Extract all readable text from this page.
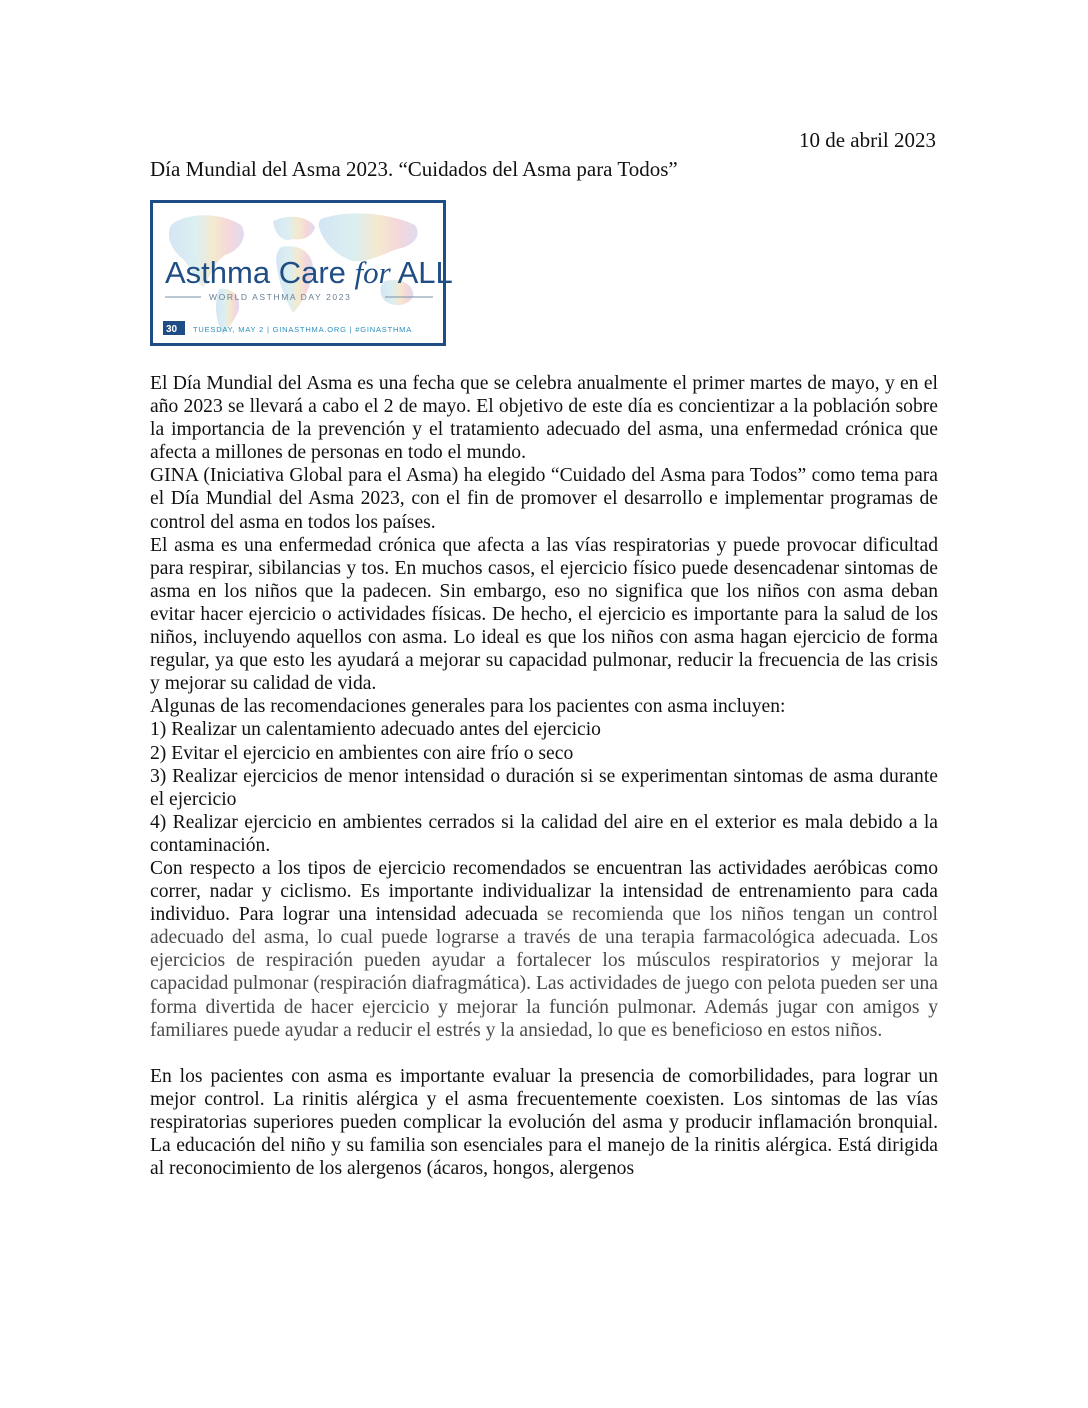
10 de abril 2023
Día Mundial del Asma 2023. “Cuidados del Asma para Todos”
Asthma Care for ALL
WORLD ASTHMA DAY 2023
30 TUESDAY, MAY 2 | GINASTHMA.ORG | #GINASTHMA

El Día Mundial del Asma es una fecha que se celebra anualmente el primer martes de mayo, y en el año 2023 se llevará a cabo el 2 de mayo. El objetivo de este día es concientizar a la población sobre la importancia de la prevención y el tratamiento adecuado del asma, una enfermedad crónica que afecta a millones de personas en todo el mundo.

GINA (Iniciativa Global para el Asma) ha elegido “Cuidado del Asma para Todos” como tema para el Día Mundial del Asma 2023, con el fin de promover el desarrollo e implementar programas de control del asma en todos los países.

El asma es una enfermedad crónica que afecta a las vías respiratorias y puede provocar dificultad para respirar, sibilancias y tos. En muchos casos, el ejercicio físico puede desencadenar sintomas de asma en los niños que la padecen. Sin embargo, eso no significa que los niños con asma deban evitar hacer ejercicio o actividades físicas. De hecho, el ejercicio es importante para la salud de los niños, incluyendo aquellos con asma. Lo ideal es que los niños con asma hagan ejercicio de forma regular, ya que esto les ayudará a mejorar su capacidad pulmonar, reducir la frecuencia de las crisis y mejorar su calidad de vida.

Algunas de las recomendaciones generales para los pacientes con asma incluyen:

1) Realizar un calentamiento adecuado antes del ejercicio

2) Evitar el ejercicio en ambientes con aire frío o seco

3) Realizar ejercicios de menor intensidad o duración si se experimentan sintomas de asma durante el ejercicio

4) Realizar ejercicio en ambientes cerrados si la calidad del aire en el exterior es mala debido a la contaminación.

Con respecto a los tipos de ejercicio recomendados se encuentran las actividades aeróbicas como correr, nadar y ciclismo. Es importante individualizar la intensidad de entrenamiento para cada individuo. Para lograr una intensidad adecuada se recomienda que los niños tengan un control adecuado del asma, lo cual puede lograrse a través de una terapia farmacológica adecuada. Los ejercicios de respiración pueden ayudar a fortalecer los músculos respiratorios y mejorar la capacidad pulmonar (respiración diafragmática). Las actividades de juego con pelota pueden ser una forma divertida de hacer ejercicio y mejorar la función pulmonar. Además jugar con amigos y familiares puede ayudar a reducir el estrés y la ansiedad, lo que es beneficioso en estos niños.

En los pacientes con asma es importante evaluar la presencia de comorbilidades, para lograr un mejor control. La rinitis alérgica y el asma frecuentemente coexisten. Los sintomas de las vías respiratorias superiores pueden complicar la evolución del asma y producir inflamación bronquial. La educación del niño y su familia son esenciales para el manejo de la rinitis alérgica. Está dirigida al reconocimiento de los alergenos (ácaros, hongos, alergenos
